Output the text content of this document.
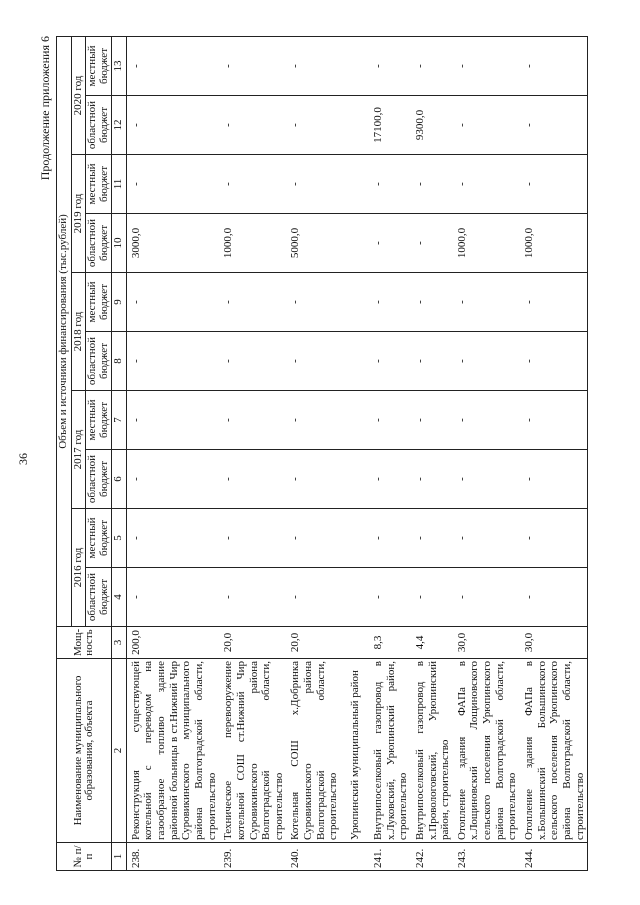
36
Продолжение приложения 6
№ п/п	Наименование муниципального образования, объекта	Мощ-ность	Объем и источники финансирования (тыс.рублей)									
			2016 год		2017 год		2018 год		2019 год		2020 год	
			областной бюджет	местный бюджет	областной бюджет	местный бюджет	областной бюджет	местный бюджет	областной бюджет	местный бюджет	областной бюджет	местный бюджет
1	2	3	4	5	6	7	8	9	10	11	12	13
238.	Реконструкция существующей котельной с переводом на газообразное топливо здание районной больницы в ст.Нижний Чир Суровикинского муниципального района Волгоградской области, строительство	200,0	-	-	-	-	-	-	3000,0	-	-	-
239.	Техническое перевооружение котельной СОШ ст.Нижний Чир Суровикинского района Волгоградской области, строительство	20,0	-	-	-	-	-	-	1000,0	-	-	-
240.	Котельная СОШ х.Добринка Суровикинского района Волгоградской области, строительство	20,0	-	-	-	-	-	-	5000,0	-	-	-
	Урюпинский муниципальный район											
241.	Внутрипоселковый газопровод в х.Луковский, Урюпинский район, строительство	8,3	-	-	-	-	-	-	-	-	17100,0	-
242.	Внутрипоселковый газопровод в х.Провологовский, Урюпинский район, строительство	4,4	-	-	-	-	-	-	-	-	9300,0	-
243.	Отопление здания ФАПа в х.Лощиновский Лощиновского сельского поселения Урюпинского района Волгоградской области, строительство	30,0	-	-	-	-	-	-	1000,0	-	-	-
244.	Отопление здания ФАПа в х.Большинский Большинского сельского поселения Урюпинского района Волгоградской области, строительство	30,0	-	-	-	-	-	-	1000,0	-	-	-
